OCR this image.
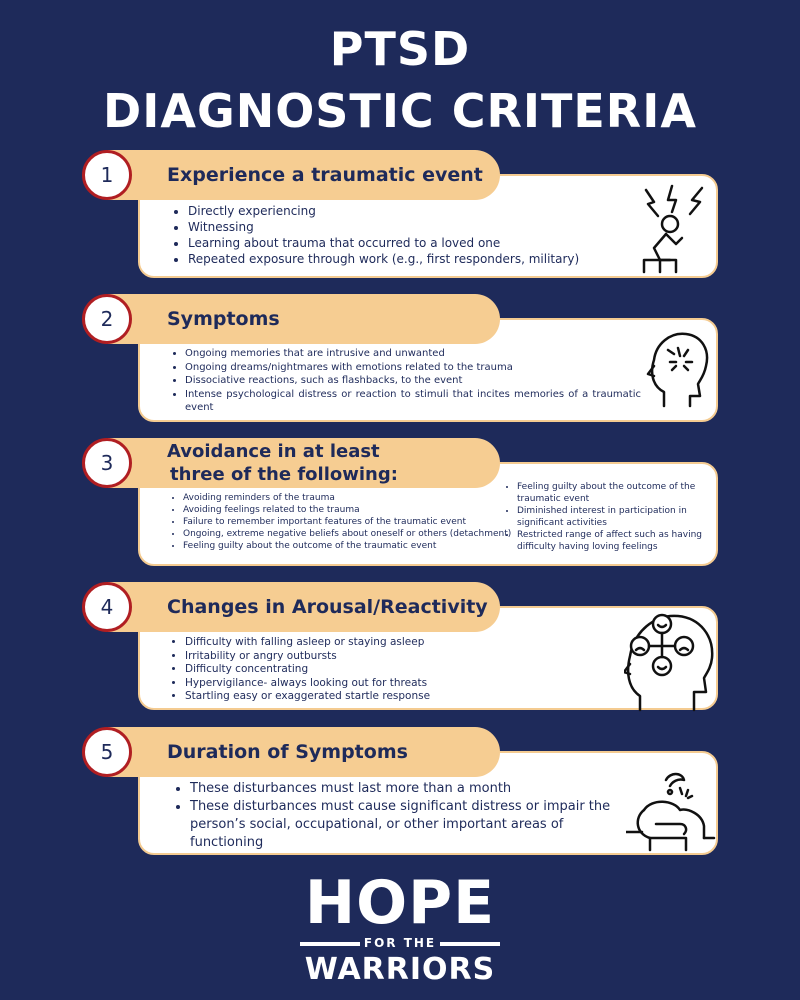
PTSD
DIAGNOSTIC CRITERIA
1	Experience a traumatic event
• Directly experiencing
• Witnessing
• Learning about trauma that occurred to a loved one
• Repeated exposure through work (e.g., first responders, military)
2	Symptoms
• Ongoing memories that are intrusive and unwanted
• Ongoing dreams/nightmares with emotions related to the trauma
• Dissociative reactions, such as flashbacks, to the event
• Intense psychological distress or reaction to stimuli that incites memories of a traumatic event
3	Avoidance in at least
three of the following:
• Avoiding reminders of the trauma
• Avoiding feelings related to the trauma
• Failure to remember important features of the traumatic event
• Ongoing, extreme negative beliefs about oneself or others (detachment)
• Feeling guilty about the outcome of the traumatic event
• Feeling guilty about the outcome of the traumatic event
• Diminished interest in participation in significant activities
• Restricted range of affect such as having difficulty having loving feelings
4	Changes in Arousal/Reactivity
• Difficulty with falling asleep or staying asleep
• Irritability or angry outbursts
• Difficulty concentrating
• Hypervigilance- always looking out for threats
• Startling easy or exaggerated startle response
5	Duration of Symptoms
• These disturbances must last more than a month
• These disturbances must cause significant distress or impair the person’s social, occupational, or other important areas of functioning
HOPE
FOR THE
WARRIORS
